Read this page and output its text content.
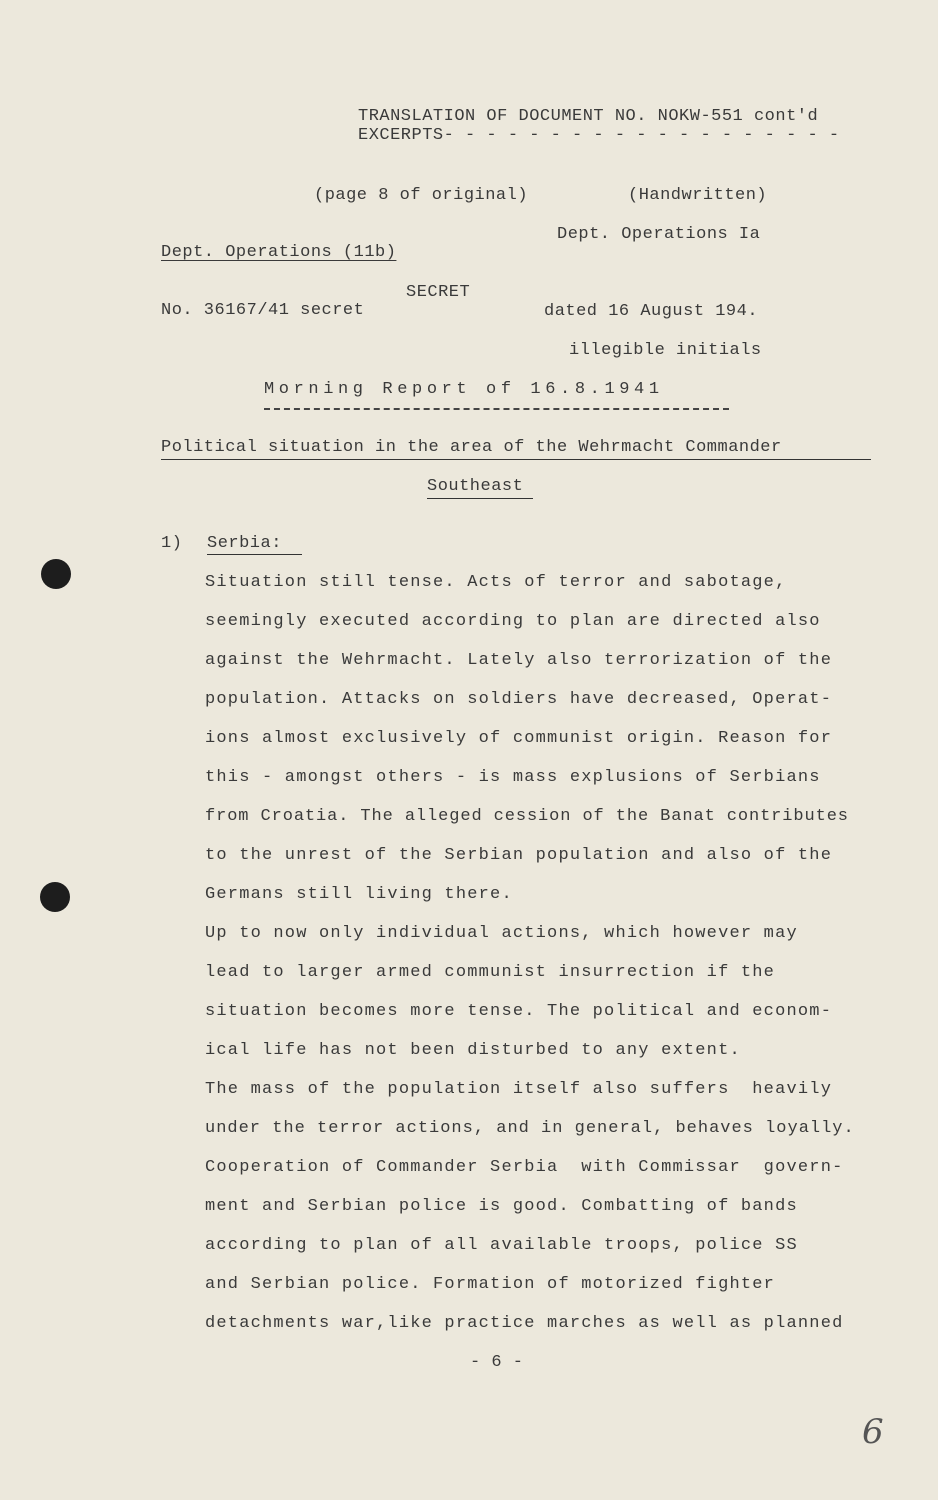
TRANSLATION OF DOCUMENT NO. NOKW-551 cont'd
EXCERPTS- - - - - - - - - - - - - - - - - - -
(page 8 of original)	(Handwritten)
Dept. Operations Ia
Dept. Operations (11b)
SECRET
No. 36167/41 secret	dated 16 August 194.
illegible initials
Morning Report of 16.8.1941
Political situation in the area of the Wehrmacht Commander
Southeast
1) Serbia:
Situation still tense. Acts of terror and sabotage,
seemingly executed according to plan are directed also
against the Wehrmacht. Lately also terrorization of the
population. Attacks on soldiers have decreased, Operat-
ions almost exclusively of communist origin. Reason for
this - amongst others - is mass explusions of Serbians
from Croatia. The alleged cession of the Banat contributes
to the unrest of the Serbian population and also of the
Germans still living there.
Up to now only individual actions, which however may
lead to larger armed communist insurrection if the
situation becomes more tense. The political and econom-
ical life has not been disturbed to any extent.
The mass of the population itself also suffers  heavily
under the terror actions, and in general, behaves loyally.
Cooperation of Commander Serbia  with Commissar  govern-
ment and Serbian police is good. Combatting of bands
according to plan of all available troops, police SS
and Serbian police. Formation of motorized fighter
detachments war,like practice marches as well as planned
- 6 -
6
